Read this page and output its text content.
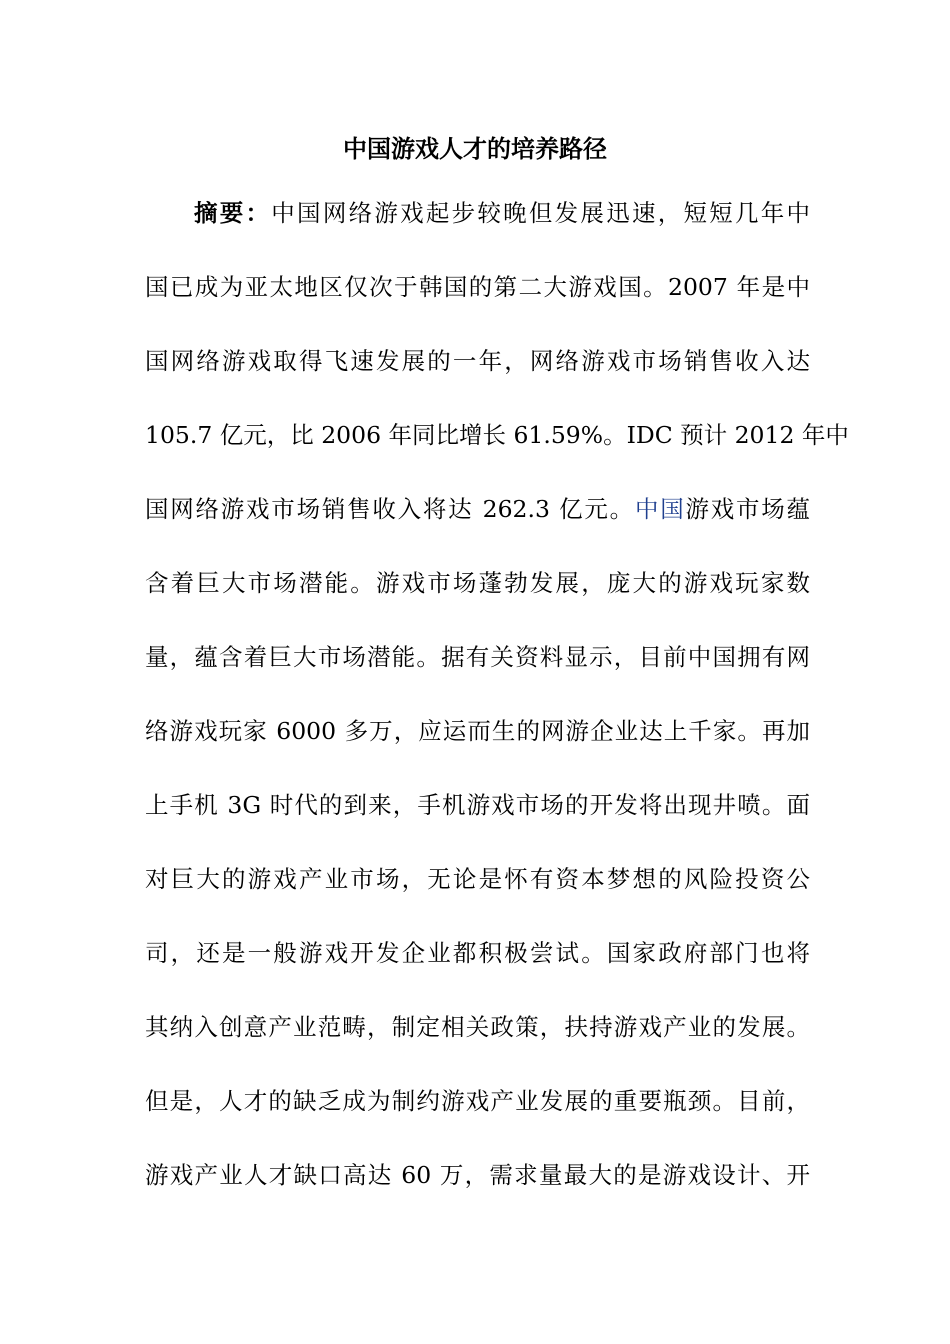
中国游戏人才的培养路径
摘要：中国网络游戏起步较晚但发展迅速，短短几年中
国已成为亚太地区仅次于韩国的第二大游戏国。2007 年是中
国网络游戏取得飞速发展的一年，网络游戏市场销售收入达
105.7 亿元，比 2006 年同比增长 61.59%。IDC 预计 2012 年中
国网络游戏市场销售收入将达 262.3 亿元。中国游戏市场蕴
含着巨大市场潜能。游戏市场蓬勃发展，庞大的游戏玩家数
量，蕴含着巨大市场潜能。据有关资料显示，目前中国拥有网
络游戏玩家 6000 多万，应运而生的网游企业达上千家。再加
上手机 3G 时代的到来，手机游戏市场的开发将出现井喷。面
对巨大的游戏产业市场，无论是怀有资本梦想的风险投资公
司，还是一般游戏开发企业都积极尝试。国家政府部门也将
其纳入创意产业范畴，制定相关政策，扶持游戏产业的发展。
但是，人才的缺乏成为制约游戏产业发展的重要瓶颈。目前，
游戏产业人才缺口高达 60 万，需求量最大的是游戏设计、开
